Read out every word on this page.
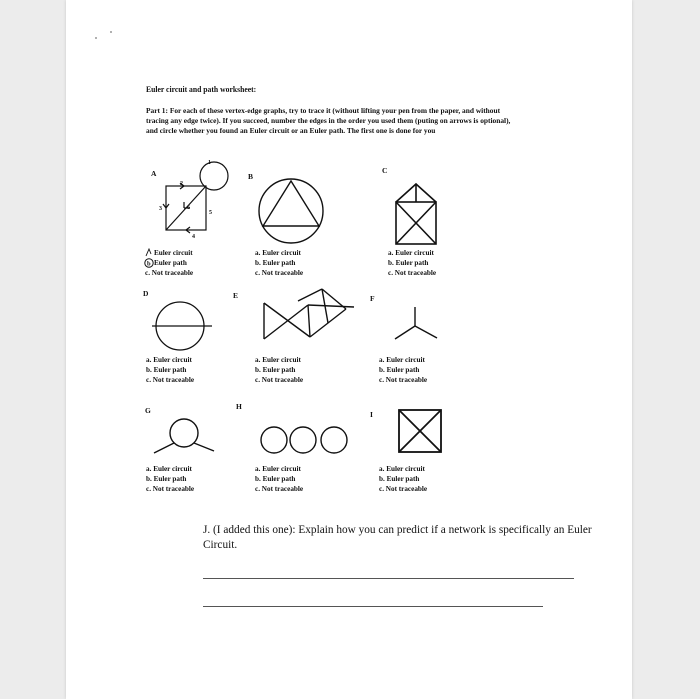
Euler circuit and path worksheet:
Part 1: For each of these vertex-edge graphs, try to trace it (without lifting your pen from the paper, and without tracing any edge twice). If you succeed, number the edges in the order you used them (puting on arrows is optional), and circle whether you found an Euler circuit or an Euler path. The first one is done for you
A	B
C
D	E	F
G	H
I
1
2
3
4
5
6
Euler circuit
b Euler path
c. Not traceable
a. Euler circuit
b. Euler path
c. Not traceable
a. Euler circuit
b. Euler path
c. Not traceable
a. Euler circuit
b. Euler path
c. Not traceable
a. Euler circuit
b. Euler path
c. Not traceable
a. Euler circuit
b. Euler path
c. Not traceable
a. Euler circuit
b. Euler path
c. Not traceable
a. Euler circuit
b. Euler path
c. Not traceable
a. Euler circuit
b. Euler path
c. Not traceable
J. (I added this one): Explain how you can predict if a network is specifically an Euler Circuit.
